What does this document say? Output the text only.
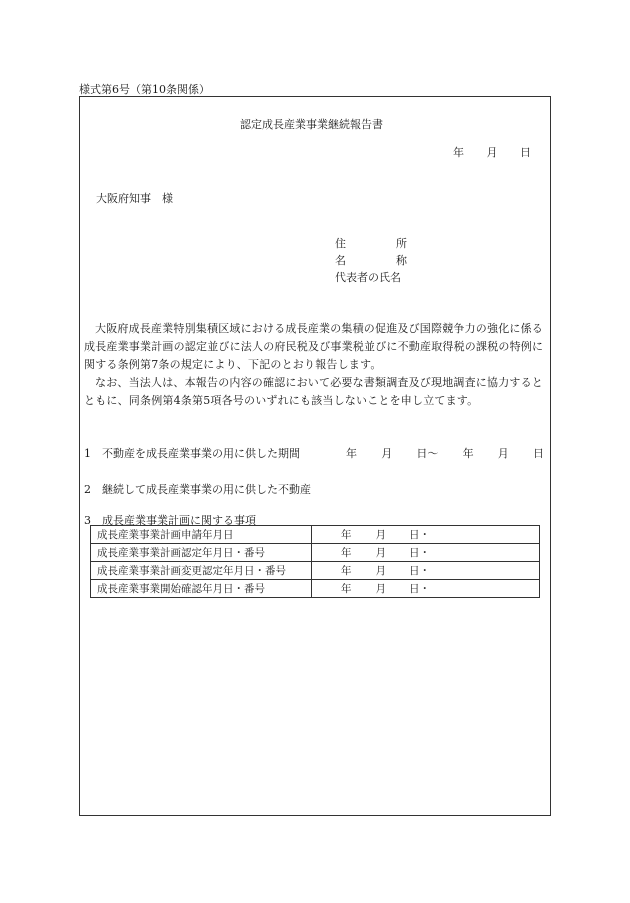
様式第6号（第10条関係）
認定成長産業事業継続報告書
年 月 日
大阪府知事　様
住	所
名	称
代表者の氏名

大阪府成長産業特別集積区域における成長産業の集積の促進及び国際競争力の強化に係る成長産業事業計画の認定並びに法人の府民税及び事業税並びに不動産取得税の課税の特例に関する条例第7条の規定により、下記のとおり報告します。

なお、当法人は、本報告の内容の確認において必要な書類調査及び現地調査に協力するとともに、同条例第4条第5項各号のいずれにも該当しないことを申し立てます。

1　不動産を成長産業事業の用に供した期間	年 月 日～ 年 月 日
2　継続して成長産業事業の用に供した不動産
3　成長産業事業計画に関する事項
成長産業事業計画申請年月日	年 月 日・

成長産業事業計画認定年月日・番号	年 月 日・

成長産業事業計画変更認定年月日・番号	年 月 日・

成長産業事業開始確認年月日・番号	年 月 日・
